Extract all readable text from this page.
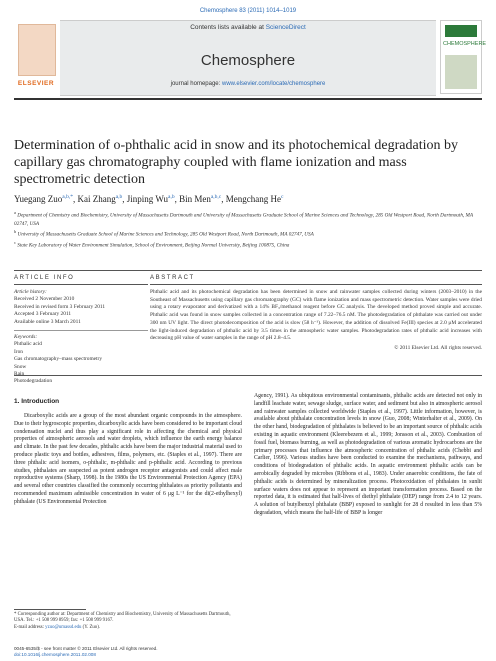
Chemosphere 83 (2011) 1014–1019
ELSEVIER
Contents lists available at ScienceDirect
Chemosphere
journal homepage: www.elsevier.com/locate/chemosphere
CHEMOSPHERE
Determination of o-phthalic acid in snow and its photochemical degradation by capillary gas chromatography coupled with flame ionization and mass spectrometric detection
Yuegang Zuo$^{a,b,*}$, Kai Zhang$^{a,b}$, Jinping Wu$^{a,b}$, Bin Men$^{a,b,c}$, Mengchang He$^c$
$^a$ Department of Chemistry and Biochemistry, University of Massachusetts Dartmouth and University of Massachusetts Graduate School of Marine Sciences and Technology, 285 Old Westport Road, North Dartmouth, MA 02747, USA
$^b$ University of Massachusetts Graduate School of Marine Sciences and Technology, 285 Old Westport Road, North Dartmouth, MA 02747, USA
$^c$ State Key Laboratory of Water Environment Simulation, School of Environment, Beijing Normal University, Beijing 100875, China
ARTICLE INFO
Article history:
Received 2 November 2010
Received in revised form 3 February 2011
Accepted 3 February 2011
Available online 3 March 2011
Keywords:
Phthalic acid
Iron
Gas chromatography–mass spectrometry
Snow
Photodegradation
ABSTRACT
Phthalic acid and its photochemical degradation has been determined in snow and rainwater samples collected during winters (2003–2010) in the Southeast of Massachusetts using capillary gas chromatography (GC) with flame ionization and mass spectrometric detection. Water samples were dried using a rotary evaporator and derivatized with a 14% BF₃/methanol reagent before GC analysis. The developed method proved simple and accurate. Phthalic acid was found in snow samples collected in a concentration range of 7.22–76.5 nM. The photodegradation of phthalate was carried out under 300 nm UV light. The direct photodecomposition of the acid is slow (58 h⁻¹). However, the addition of dissolved Fe(III) species at 2.0 μM accelerated the light-induced degradation of phthalic acid by 3.5 times in the atmospheric water samples. Photodegradation rates of phthalic acid increases with decreasing pH value of water samples in the range of pH 2.8–4.5.
© 2011 Elsevier Ltd. All rights reserved.
1. Introduction
Dicarboxylic acids are a group of the most abundant organic compounds in the atmosphere. Due to their hygroscopic properties, dicarboxylic acids have been considered to be important cloud condensation nuclei and thus play a significant role in affecting the chemical and physical properties of atmospheric aerosols and water droplets, which influence the earth energy balance and climate. In the past few decades, phthalic acids have been the major industrial material used to produce plastic toys and bottles, adhesives, films, polymers, etc. (Staples et al., 1997). There are three phthalic acid isomers, o-phthalic, m-phthalic and p-phthalic acid. According to previous studies, phthalates are suspected as potent androgen receptor antagonists and could affect male reproductive systems (Sharp, 1998). In the 1980s the US Environmental Protection Agency (EPA) and several other countries classified the commonly occurring phthalates as priority pollutants and recommended maximum admissible concentration in water of 6 μg L⁻¹ for the di(2-ethylhexyl) phthalate (US Environmental Protection
Agency, 1991). As ubiquitous environmental contaminants, phthalic acids are detected not only in landfill leachate water, sewage sludge, surface water, and sediment but also in atmospheric aerosol and rainwater samples collected worldwide (Staples et al., 1997). Little information, however, is available about phthalate concentration levels in snow (Guo, 2008; Winterhalter et al., 2009). On the other hand, biodegradation of phthalates is believed to be an important source of phthalic acids existing in aquatic environment (Kleerebezem et al., 1999; Jonsson et al., 2003). Combustion of fossil fuel, biomass burning, as well as photodegradation of various aromatic hydrocarbons are the primary processes that influence the atmospheric concentration of phthalic acids (Chebbi and Carlier, 1996). Various studies have been conducted to examine the mechanisms, pathways, and conditions of biodegradation of phthalic acids. In aquatic environment phthalic acids can be aerobically degraded by microbes (Ribbons et al., 1983). Under anaerobic conditions, the fate of phthalic acids is determined by mineralization process. Photooxidation of phthalates in sunlit surface waters does not appear to represent an important transformation process. Based on the reported data, it is estimated that half-lives of diethyl phthalate (DEP) range from 2.4 to 12 years. A solution of butylbenzyl phthalate (BBP) exposed to sunlight for 28 d resulted in less than 5% degradation, which means the half-life of BBP is longer
* Corresponding author at: Department of Chemistry and Biochemistry, University of Massachusetts Dartmouth, USA. Tel.: +1 508 999 8959; fax: +1 508 999 9167.
E-mail address: yzuo@umassd.edu (Y. Zuo).
0045-6535/$ - see front matter © 2011 Elsevier Ltd. All rights reserved.
doi:10.1016/j.chemosphere.2011.02.008
